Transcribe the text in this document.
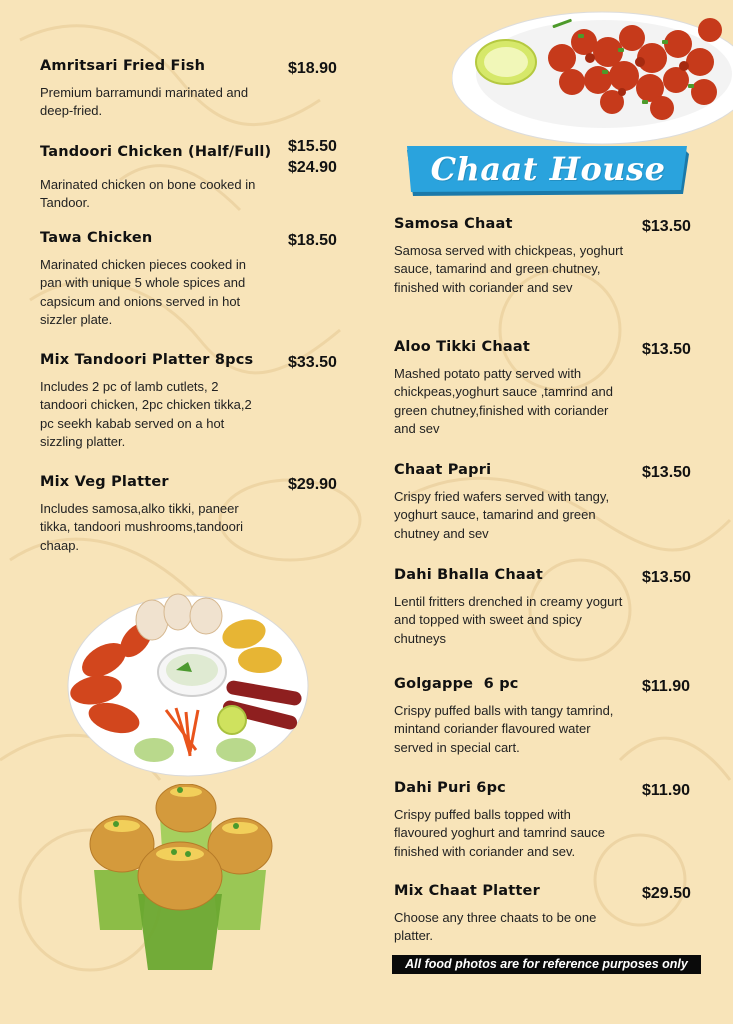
Chaat House
Amritsari Fried Fish	$18.90
Premium barramundi marinated and deep-fried.
Tandoori Chicken (Half/Full)	$15.50
$24.90
Marinated chicken on bone cooked in Tandoor.
Tawa Chicken	$18.50
Marinated chicken pieces cooked in pan with unique 5 whole spices and capsicum and onions served in hot sizzler plate.
Mix Tandoori Platter 8pcs	$33.50
Includes 2 pc of lamb cutlets, 2 tandoori chicken, 2pc chicken tikka,2 pc seekh kabab served on a hot sizzling platter.
Mix Veg Platter	$29.90
Includes samosa,alko tikki, paneer tikka, tandoori mushrooms,tandoori chaap.
Samosa Chaat	$13.50
Samosa served with chickpeas, yoghurt sauce, tamarind and green chutney, finished with coriander and sev
Aloo Tikki Chaat	$13.50
Mashed potato patty served with chickpeas,yoghurt sauce ,tamrind and green chutney,finished with coriander and sev
Chaat Papri	$13.50
Crispy fried wafers served with tangy, yoghurt sauce, tamarind and green chutney and sev
Dahi Bhalla Chaat	$13.50
Lentil fritters drenched in creamy yogurt and topped with sweet and spicy chutneys
Golgappe  6 pc	$11.90
Crispy puffed balls with tangy tamrind, mintand coriander flavoured water served in special cart.
Dahi Puri 6pc	$11.90
Crispy puffed balls topped with flavoured yoghurt and tamrind sauce finished with coriander and sev.
Mix Chaat Platter	$29.50
Choose any three chaats to be one platter.
All food photos are for reference purposes only
